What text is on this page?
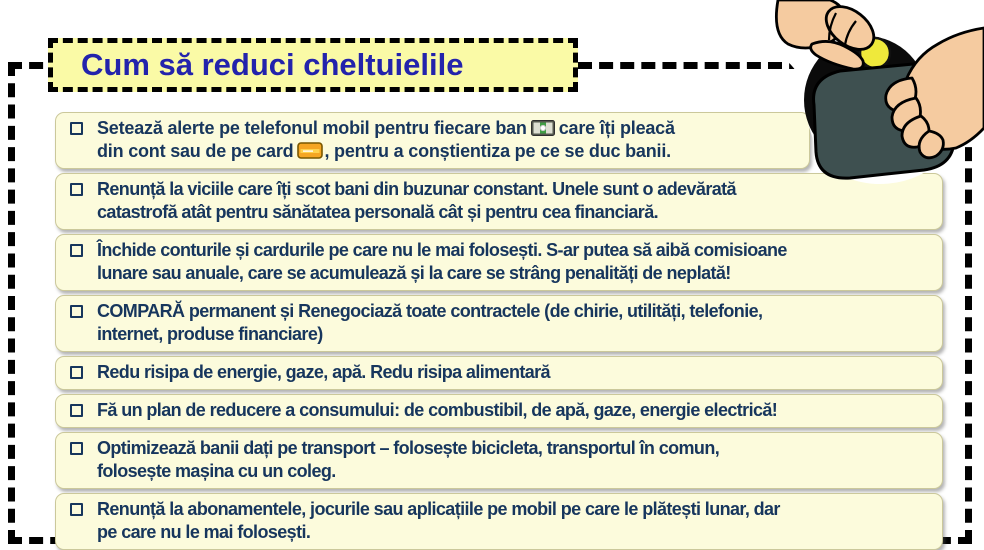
Cum să reduci cheltuielile
Setează alerte pe telefonul mobil pentru fiecare ban care îți pleacă
din cont sau de pe card , pentru a conștientiza pe ce se duc banii.
Renunță la viciile care îți scot bani din buzunar constant. Unele sunt o adevărată
catastrofă atât pentru sănătatea personală cât și pentru cea financiară.
Închide conturile și cardurile pe care nu le mai folosești. S-ar putea să aibă comisioane
lunare sau anuale, care se acumulează și la care se strâng penalități de neplată!
COMPARĂ permanent și Renegociază toate contractele (de chirie, utilități, telefonie,
internet, produse financiare)
Redu risipa de energie, gaze, apă. Redu risipa alimentară
Fă un plan de reducere a consumului: de combustibil, de apă, gaze, energie electrică!
Optimizează banii dați pe transport – folosește bicicleta, transportul în comun,
folosește mașina cu un coleg.
Renunță la abonamentele, jocurile sau aplicațiile pe mobil pe care le plătești lunar, dar
pe care nu le mai folosești.
